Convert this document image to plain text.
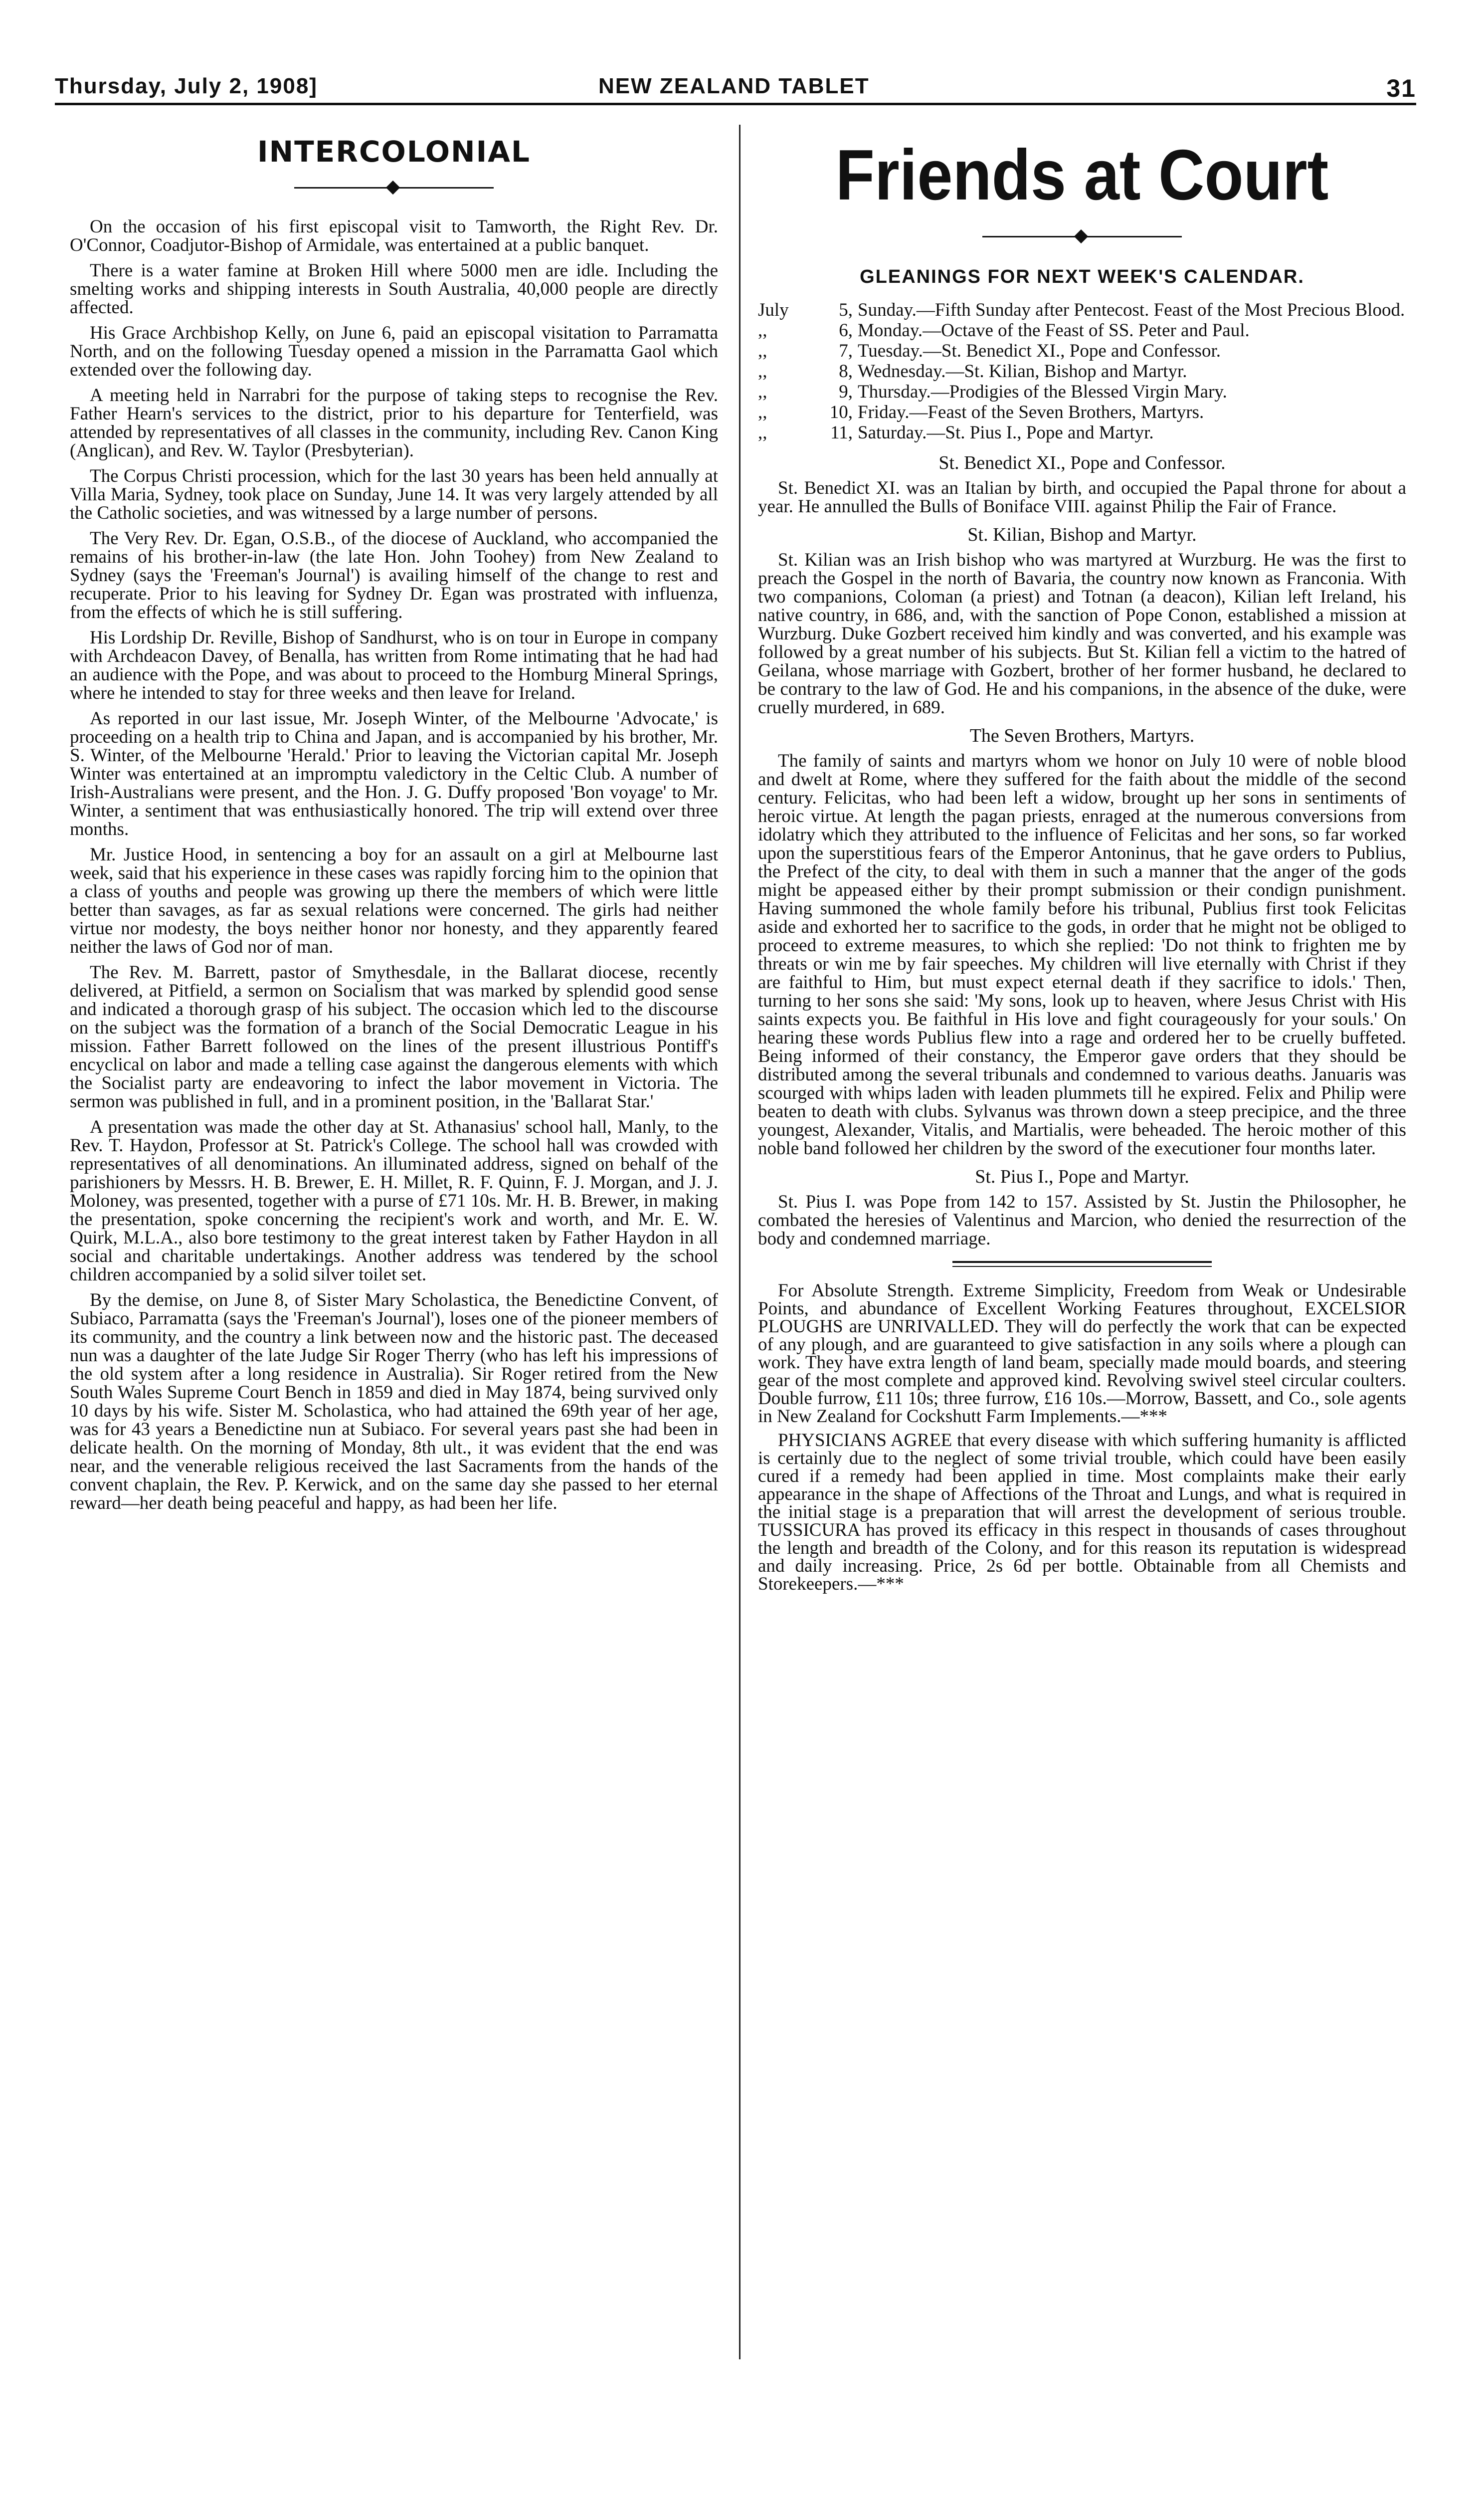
Thursday, July 2, 1908]	NEW ZEALAND TABLET	31
INTERCOLONIAL

On the occasion of his first episcopal visit to Tamworth, the Right Rev. Dr. O'Connor, Coadjutor-Bishop of Armidale, was entertained at a public banquet.

There is a water famine at Broken Hill where 5000 men are idle. Including the smelting works and shipping interests in South Australia, 40,000 people are directly affected.

His Grace Archbishop Kelly, on June 6, paid an episcopal visitation to Parramatta North, and on the following Tuesday opened a mission in the Parramatta Gaol which extended over the following day.

A meeting held in Narrabri for the purpose of taking steps to recognise the Rev. Father Hearn's services to the district, prior to his departure for Tenterfield, was attended by representatives of all classes in the community, including Rev. Canon King (Anglican), and Rev. W. Taylor (Presbyterian).

The Corpus Christi procession, which for the last 30 years has been held annually at Villa Maria, Sydney, took place on Sunday, June 14. It was very largely attended by all the Catholic societies, and was witnessed by a large number of persons.

The Very Rev. Dr. Egan, O.S.B., of the diocese of Auckland, who accompanied the remains of his brother-in-law (the late Hon. John Toohey) from New Zealand to Sydney (says the 'Freeman's Journal') is availing himself of the change to rest and recuperate. Prior to his leaving for Sydney Dr. Egan was prostrated with influenza, from the effects of which he is still suffering.

His Lordship Dr. Reville, Bishop of Sandhurst, who is on tour in Europe in company with Archdeacon Davey, of Benalla, has written from Rome intimating that he had had an audience with the Pope, and was about to proceed to the Homburg Mineral Springs, where he intended to stay for three weeks and then leave for Ireland.

As reported in our last issue, Mr. Joseph Winter, of the Melbourne 'Advocate,' is proceeding on a health trip to China and Japan, and is accompanied by his brother, Mr. S. Winter, of the Melbourne 'Herald.' Prior to leaving the Victorian capital Mr. Joseph Winter was entertained at an impromptu valedictory in the Celtic Club. A number of Irish-Australians were present, and the Hon. J. G. Duffy proposed 'Bon voyage' to Mr. Winter, a sentiment that was enthusiastically honored. The trip will extend over three months.

Mr. Justice Hood, in sentencing a boy for an assault on a girl at Melbourne last week, said that his experience in these cases was rapidly forcing him to the opinion that a class of youths and people was growing up there the members of which were little better than savages, as far as sexual relations were concerned. The girls had neither virtue nor modesty, the boys neither honor nor honesty, and they apparently feared neither the laws of God nor of man.

The Rev. M. Barrett, pastor of Smythesdale, in the Ballarat diocese, recently delivered, at Pitfield, a sermon on Socialism that was marked by splendid good sense and indicated a thorough grasp of his subject. The occasion which led to the discourse on the subject was the formation of a branch of the Social Democratic League in his mission. Father Barrett followed on the lines of the present illustrious Pontiff's encyclical on labor and made a telling case against the dangerous elements with which the Socialist party are endeavoring to infect the labor movement in Victoria. The sermon was published in full, and in a prominent position, in the 'Ballarat Star.'

A presentation was made the other day at St. Athanasius' school hall, Manly, to the Rev. T. Haydon, Professor at St. Patrick's College. The school hall was crowded with representatives of all denominations. An illuminated address, signed on behalf of the parishioners by Messrs. H. B. Brewer, E. H. Millet, R. F. Quinn, F. J. Morgan, and J. J. Moloney, was presented, together with a purse of £71 10s. Mr. H. B. Brewer, in making the presentation, spoke concerning the recipient's work and worth, and Mr. E. W. Quirk, M.L.A., also bore testimony to the great interest taken by Father Haydon in all social and charitable undertakings. Another address was tendered by the school children accompanied by a solid silver toilet set.

By the demise, on June 8, of Sister Mary Scholastica, the Benedictine Convent, of Subiaco, Parramatta (says the 'Freeman's Journal'), loses one of the pioneer members of its community, and the country a link between now and the historic past. The deceased nun was a daughter of the late Judge Sir Roger Therry (who has left his impressions of the old system after a long residence in Australia). Sir Roger retired from the New South Wales Supreme Court Bench in 1859 and died in May 1874, being survived only 10 days by his wife. Sister M. Scholastica, who had attained the 69th year of her age, was for 43 years a Benedictine nun at Subiaco. For several years past she had been in delicate health. On the morning of Monday, 8th ult., it was evident that the end was near, and the venerable religious received the last Sacraments from the hands of the convent chaplain, the Rev. P. Kerwick, and on the same day she passed to her eternal reward—her death being peaceful and happy, as had been her life.

Friends at Court
GLEANINGS FOR NEXT WEEK'S CALENDAR.
July	5, Sunday.—Fifth Sunday after Pentecost. Feast of the Most Precious Blood.
,,	6, Monday.—Octave of the Feast of SS. Peter and Paul.
,,	7, Tuesday.—St. Benedict XI., Pope and Confessor.
,,	8, Wednesday.—St. Kilian, Bishop and Martyr.
,,	9, Thursday.—Prodigies of the Blessed Virgin Mary.
,,	10, Friday.—Feast of the Seven Brothers, Martyrs.
,,	11, Saturday.—St. Pius I., Pope and Martyr.
St. Benedict XI., Pope and Confessor.

St. Benedict XI. was an Italian by birth, and occupied the Papal throne for about a year. He annulled the Bulls of Boniface VIII. against Philip the Fair of France.

St. Kilian, Bishop and Martyr.

St. Kilian was an Irish bishop who was martyred at Wurzburg. He was the first to preach the Gospel in the north of Bavaria, the country now known as Franconia. With two companions, Coloman (a priest) and Totnan (a deacon), Kilian left Ireland, his native country, in 686, and, with the sanction of Pope Conon, established a mission at Wurzburg. Duke Gozbert received him kindly and was converted, and his example was followed by a great number of his subjects. But St. Kilian fell a victim to the hatred of Geilana, whose marriage with Gozbert, brother of her former husband, he declared to be contrary to the law of God. He and his companions, in the absence of the duke, were cruelly murdered, in 689.

The Seven Brothers, Martyrs.

The family of saints and martyrs whom we honor on July 10 were of noble blood and dwelt at Rome, where they suffered for the faith about the middle of the second century. Felicitas, who had been left a widow, brought up her sons in sentiments of heroic virtue. At length the pagan priests, enraged at the numerous conversions from idolatry which they attributed to the influence of Felicitas and her sons, so far worked upon the superstitious fears of the Emperor Antoninus, that he gave orders to Publius, the Prefect of the city, to deal with them in such a manner that the anger of the gods might be appeased either by their prompt submission or their condign punishment. Having summoned the whole family before his tribunal, Publius first took Felicitas aside and exhorted her to sacrifice to the gods, in order that he might not be obliged to proceed to extreme measures, to which she replied: 'Do not think to frighten me by threats or win me by fair speeches. My children will live eternally with Christ if they are faithful to Him, but must expect eternal death if they sacrifice to idols.' Then, turning to her sons she said: 'My sons, look up to heaven, where Jesus Christ with His saints expects you. Be faithful in His love and fight courageously for your souls.' On hearing these words Publius flew into a rage and ordered her to be cruelly buffeted. Being informed of their constancy, the Emperor gave orders that they should be distributed among the several tribunals and condemned to various deaths. Januaris was scourged with whips laden with leaden plummets till he expired. Felix and Philip were beaten to death with clubs. Sylvanus was thrown down a steep precipice, and the three youngest, Alexander, Vitalis, and Martialis, were beheaded. The heroic mother of this noble band followed her children by the sword of the executioner four months later.

St. Pius I., Pope and Martyr.

St. Pius I. was Pope from 142 to 157. Assisted by St. Justin the Philosopher, he combated the heresies of Valentinus and Marcion, who denied the resurrection of the body and condemned marriage.

For Absolute Strength. Extreme Simplicity, Freedom from Weak or Undesirable Points, and abundance of Excellent Working Features throughout, EXCELSIOR PLOUGHS are UNRIVALLED. They will do perfectly the work that can be expected of any plough, and are guaranteed to give satisfaction in any soils where a plough can work. They have extra length of land beam, specially made mould boards, and steering gear of the most complete and approved kind. Revolving swivel steel circular coulters. Double furrow, £11 10s; three furrow, £16 10s.—Morrow, Bassett, and Co., sole agents in New Zealand for Cockshutt Farm Implements.—***

PHYSICIANS AGREE that every disease with which suffering humanity is afflicted is certainly due to the neglect of some trivial trouble, which could have been easily cured if a remedy had been applied in time. Most complaints make their early appearance in the shape of Affections of the Throat and Lungs, and what is required in the initial stage is a preparation that will arrest the development of serious trouble. TUSSICURA has proved its efficacy in this respect in thousands of cases throughout the length and breadth of the Colony, and for this reason its reputation is widespread and daily increasing. Price, 2s 6d per bottle. Obtainable from all Chemists and Storekeepers.—***
